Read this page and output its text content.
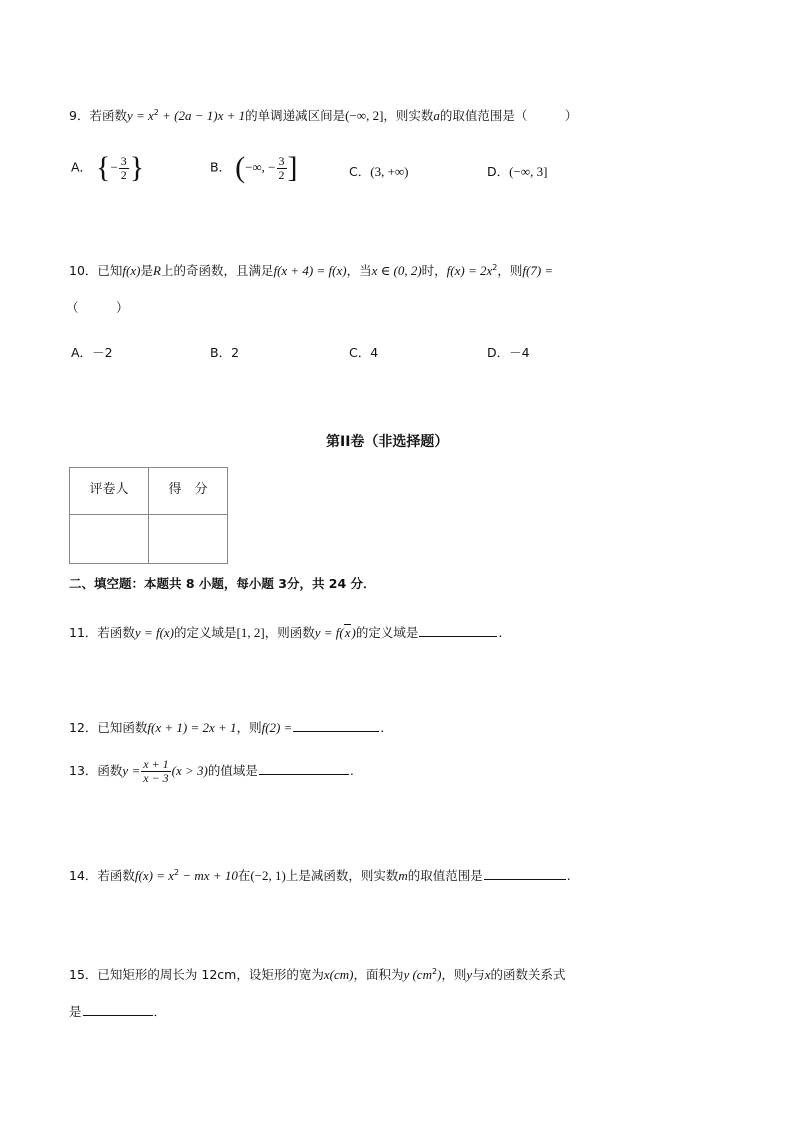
9．若函数$y = x^2 + (2a - 1)x + 1$的单调递减区间是(−∞, 2]，则实数a的取值范围是（　　　）
A． {− $\frac{3}{2}$ }	B． (−∞, − $\frac{3}{2}$ ]	C．(3, +∞)	D．(−∞, 3]
10．已知f(x)是R上的奇函数，且满足f(x + 4) = f(x)，当x ∈ (0, 2)时，$f(x) = 2x^2$，则f(7) =
（　　　）
A．－2	B．2	C．4	D．－4
第II卷（非选择题）
评卷人	得　分

二、填空题：本题共 8 小题，每小题 3分，共 24 分．
11．若函数y = f(x)的定义域是[1, 2]，则函数y = f(x)的定义域是	.
12．已知函数f(x + 1) = 2x + 1，则f(2) =	．
13．函数$y = \frac{x + 1}{x - 3} (x > 3)$的值域是	.
14．若函数$f(x) = x^2$ − mx + 10在(−2, 1)上是减函数，则实数m的取值范围是	.
15．已知矩形的周长为 12cm，设矩形的宽为x(cm)，面积为y $(cm^2)$，则y与x的函数关系式
是	．
